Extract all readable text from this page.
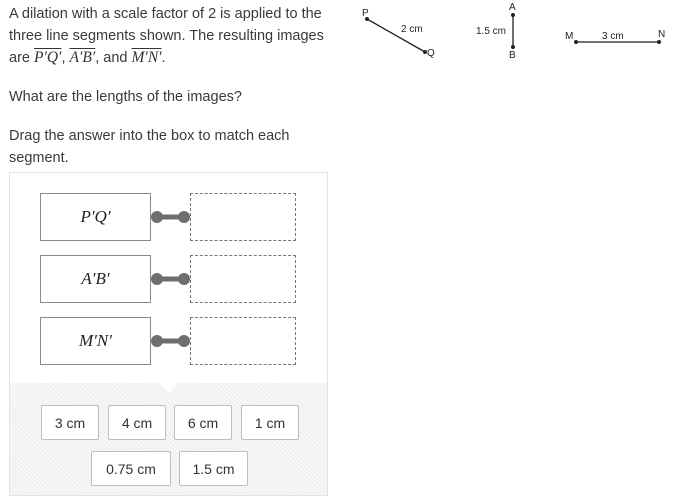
A dilation with a scale factor of 2 is applied to the three line segments shown. The resulting images are P′Q′, A′B′, and M′N′.

What are the lengths of the images?

Drag the answer into the box to match each segment.

P
Q
2 cm
A
B
1.5 cm	M	N
3 cm
P′Q′
A′B′
M′N′
3 cm	4 cm	6 cm	1 cm
0.75 cm	1.5 cm
